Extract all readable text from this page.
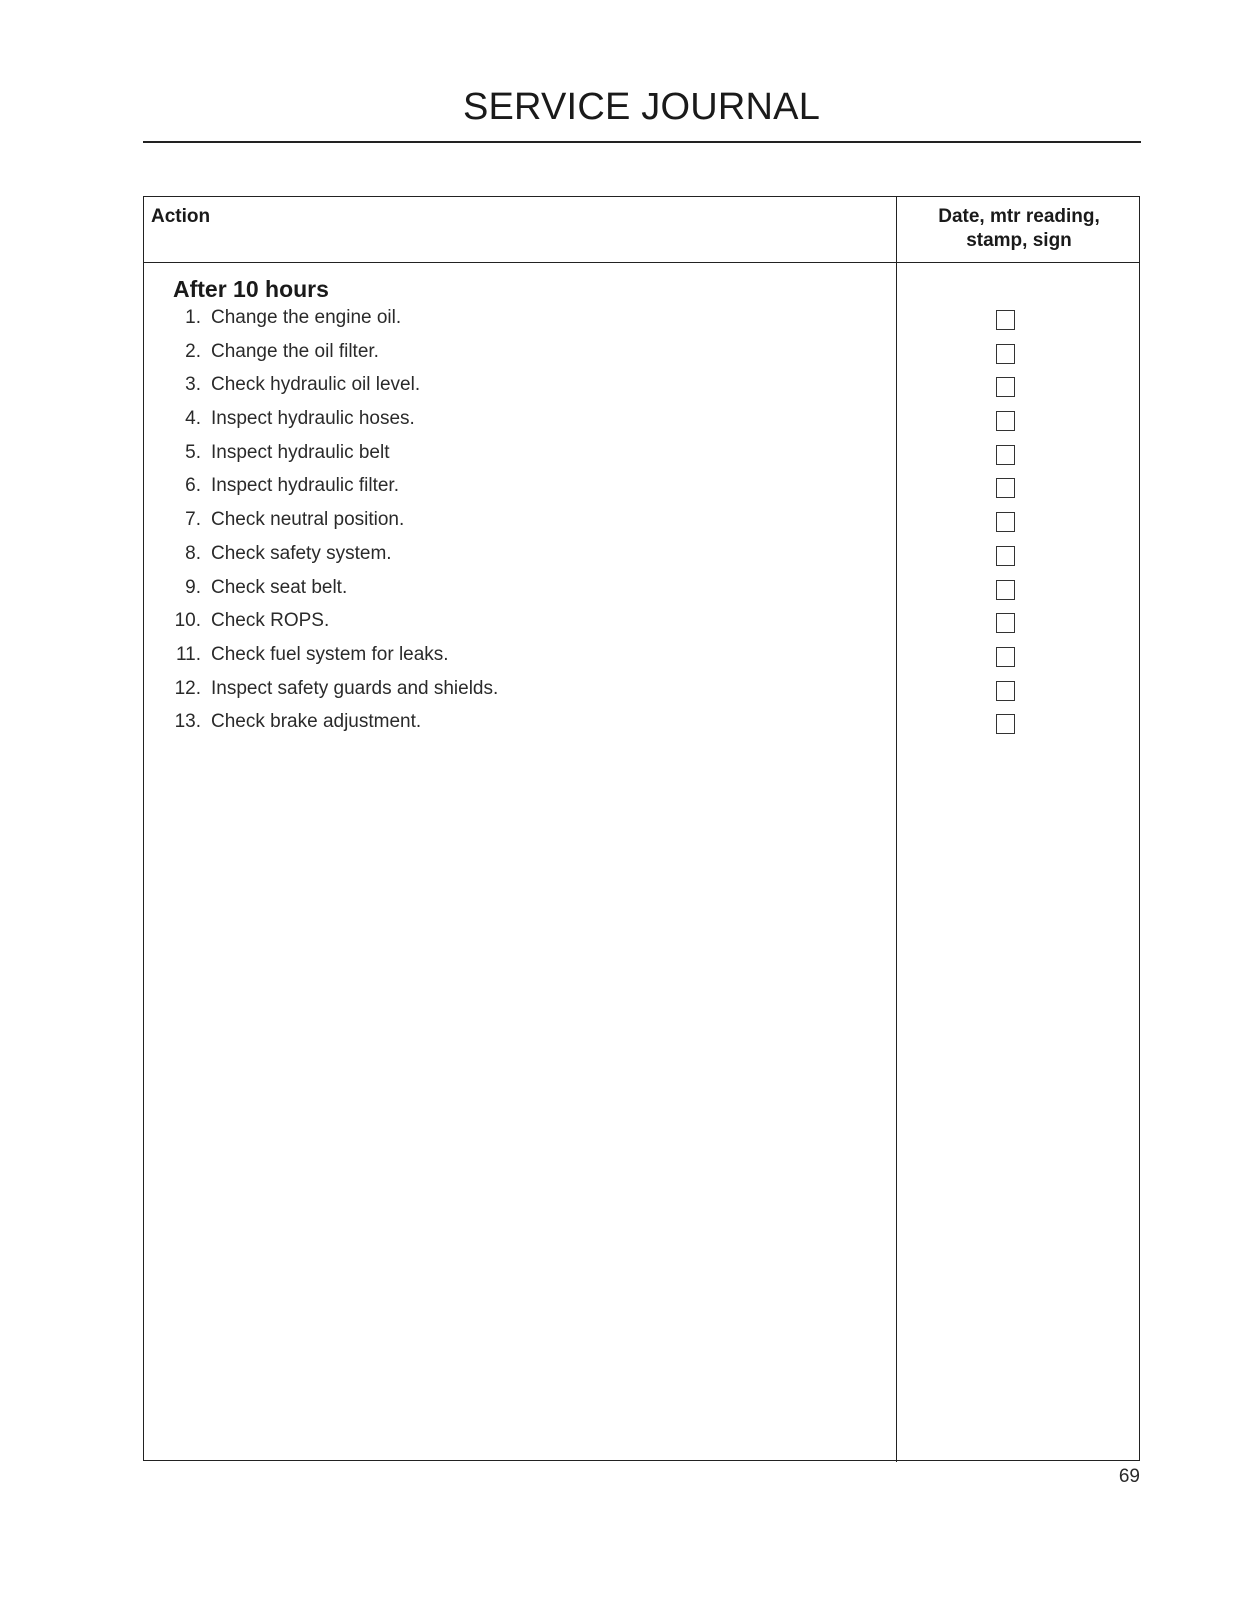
SERVICE JOURNAL
Action	Date, mtr reading,
stamp, sign
After 10 hours
1. Change the engine oil.
2. Change the oil filter.
3. Check hydraulic oil level.
4. Inspect hydraulic hoses.
5. Inspect hydraulic belt
6. Inspect hydraulic filter.
7. Check neutral position.
8. Check safety system.
9. Check seat belt.
10. Check ROPS.
11. Check fuel system for leaks.
12. Inspect safety guards and shields.
13. Check brake adjustment.
69
